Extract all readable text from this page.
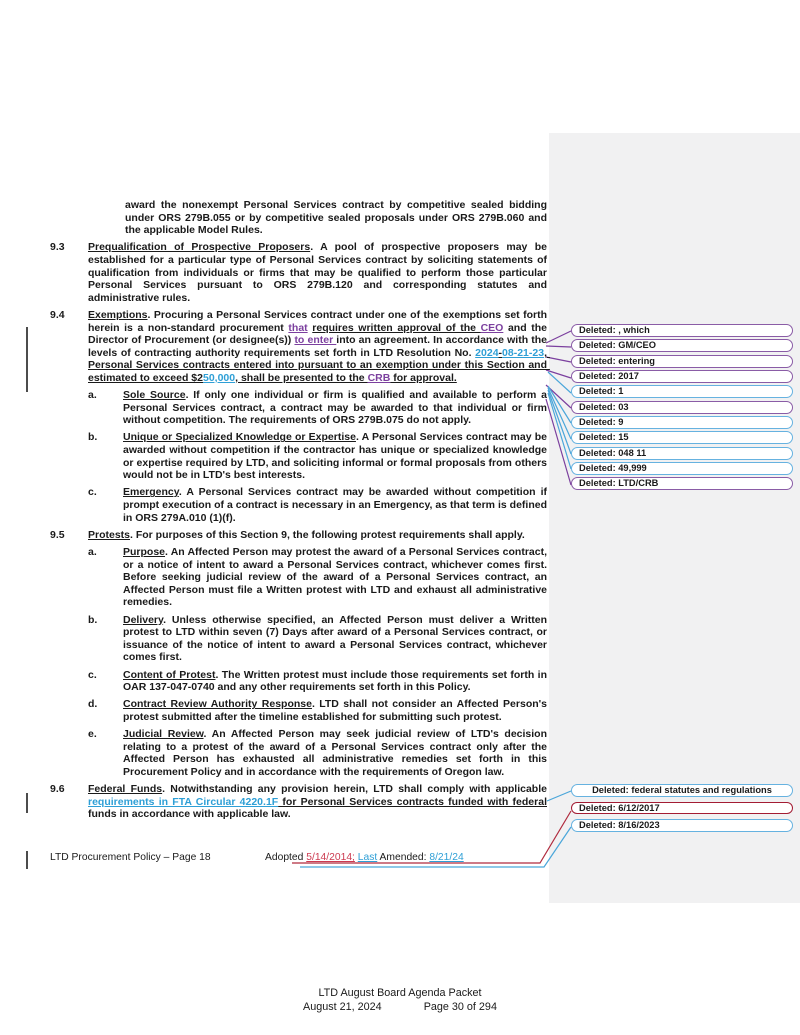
award the nonexempt Personal Services contract by competitive sealed bidding under ORS 279B.055 or by competitive sealed proposals under ORS 279B.060 and the applicable Model Rules.
9.3 Prequalification of Prospective Proposers. A pool of prospective proposers may be established for a particular type of Personal Services contract by soliciting statements of qualification from individuals or firms that may be qualified to perform those particular Personal Services pursuant to ORS 279B.120 and corresponding statutes and administrative rules.
9.4 Exemptions. Procuring a Personal Services contract under one of the exemptions set forth herein is a non-standard procurement that requires written approval of the CEO and the Director of Procurement (or designee(s)) to enter into an agreement. In accordance with the levels of contracting authority requirements set forth in LTD Resolution No. 2024-08-21-23, Personal Services contracts entered into pursuant to an exemption under this Section and estimated to exceed $250,000, shall be presented to the CRB for approval.
a. Sole Source. If only one individual or firm is qualified and available to perform a Personal Services contract, a contract may be awarded to that individual or firm without competition. The requirements of ORS 279B.075 do not apply.
b. Unique or Specialized Knowledge or Expertise. A Personal Services contract may be awarded without competition if the contractor has unique or specialized knowledge or expertise required by LTD, and soliciting informal or formal proposals from others would not be in LTD's best interests.
c. Emergency. A Personal Services contract may be awarded without competition if prompt execution of a contract is necessary in an Emergency, as that term is defined in ORS 279A.010 (1)(f).
9.5 Protests. For purposes of this Section 9, the following protest requirements shall apply.
a. Purpose. An Affected Person may protest the award of a Personal Services contract, or a notice of intent to award a Personal Services contract, whichever comes first. Before seeking judicial review of the award of a Personal Services contract, an Affected Person must file a Written protest with LTD and exhaust all administrative remedies.
b. Delivery. Unless otherwise specified, an Affected Person must deliver a Written protest to LTD within seven (7) Days after award of a Personal Services contract, or issuance of the notice of intent to award a Personal Services contract, whichever comes first.
c. Content of Protest. The Written protest must include those requirements set forth in OAR 137-047-0740 and any other requirements set forth in this Policy.
d. Contract Review Authority Response. LTD shall not consider an Affected Person's protest submitted after the timeline established for submitting such protest.
e. Judicial Review. An Affected Person may seek judicial review of LTD's decision relating to a protest of the award of a Personal Services contract only after the Affected Person has exhausted all administrative remedies set forth in this Procurement Policy and in accordance with the requirements of Oregon law.
9.6 Federal Funds. Notwithstanding any provision herein, LTD shall comply with applicable requirements in FTA Circular 4220.1F for Personal Services contracts funded with federal funds in accordance with applicable law.
Deleted: , which
Deleted: GM/CEO
Deleted: entering
Deleted: 2017
Deleted: 1
Deleted: 03
Deleted: 9
Deleted: 15
Deleted: 048 11
Deleted: 49,999
Deleted: LTD/CRB
Deleted: federal statutes and regulations
Deleted: 6/12/2017
Deleted: 8/16/2023
LTD Procurement Policy – Page 18	Adopted 5/14/2014; Last Amended: 8/21/24
LTD August Board Agenda Packet
August 21, 2024	Page 30 of 294
